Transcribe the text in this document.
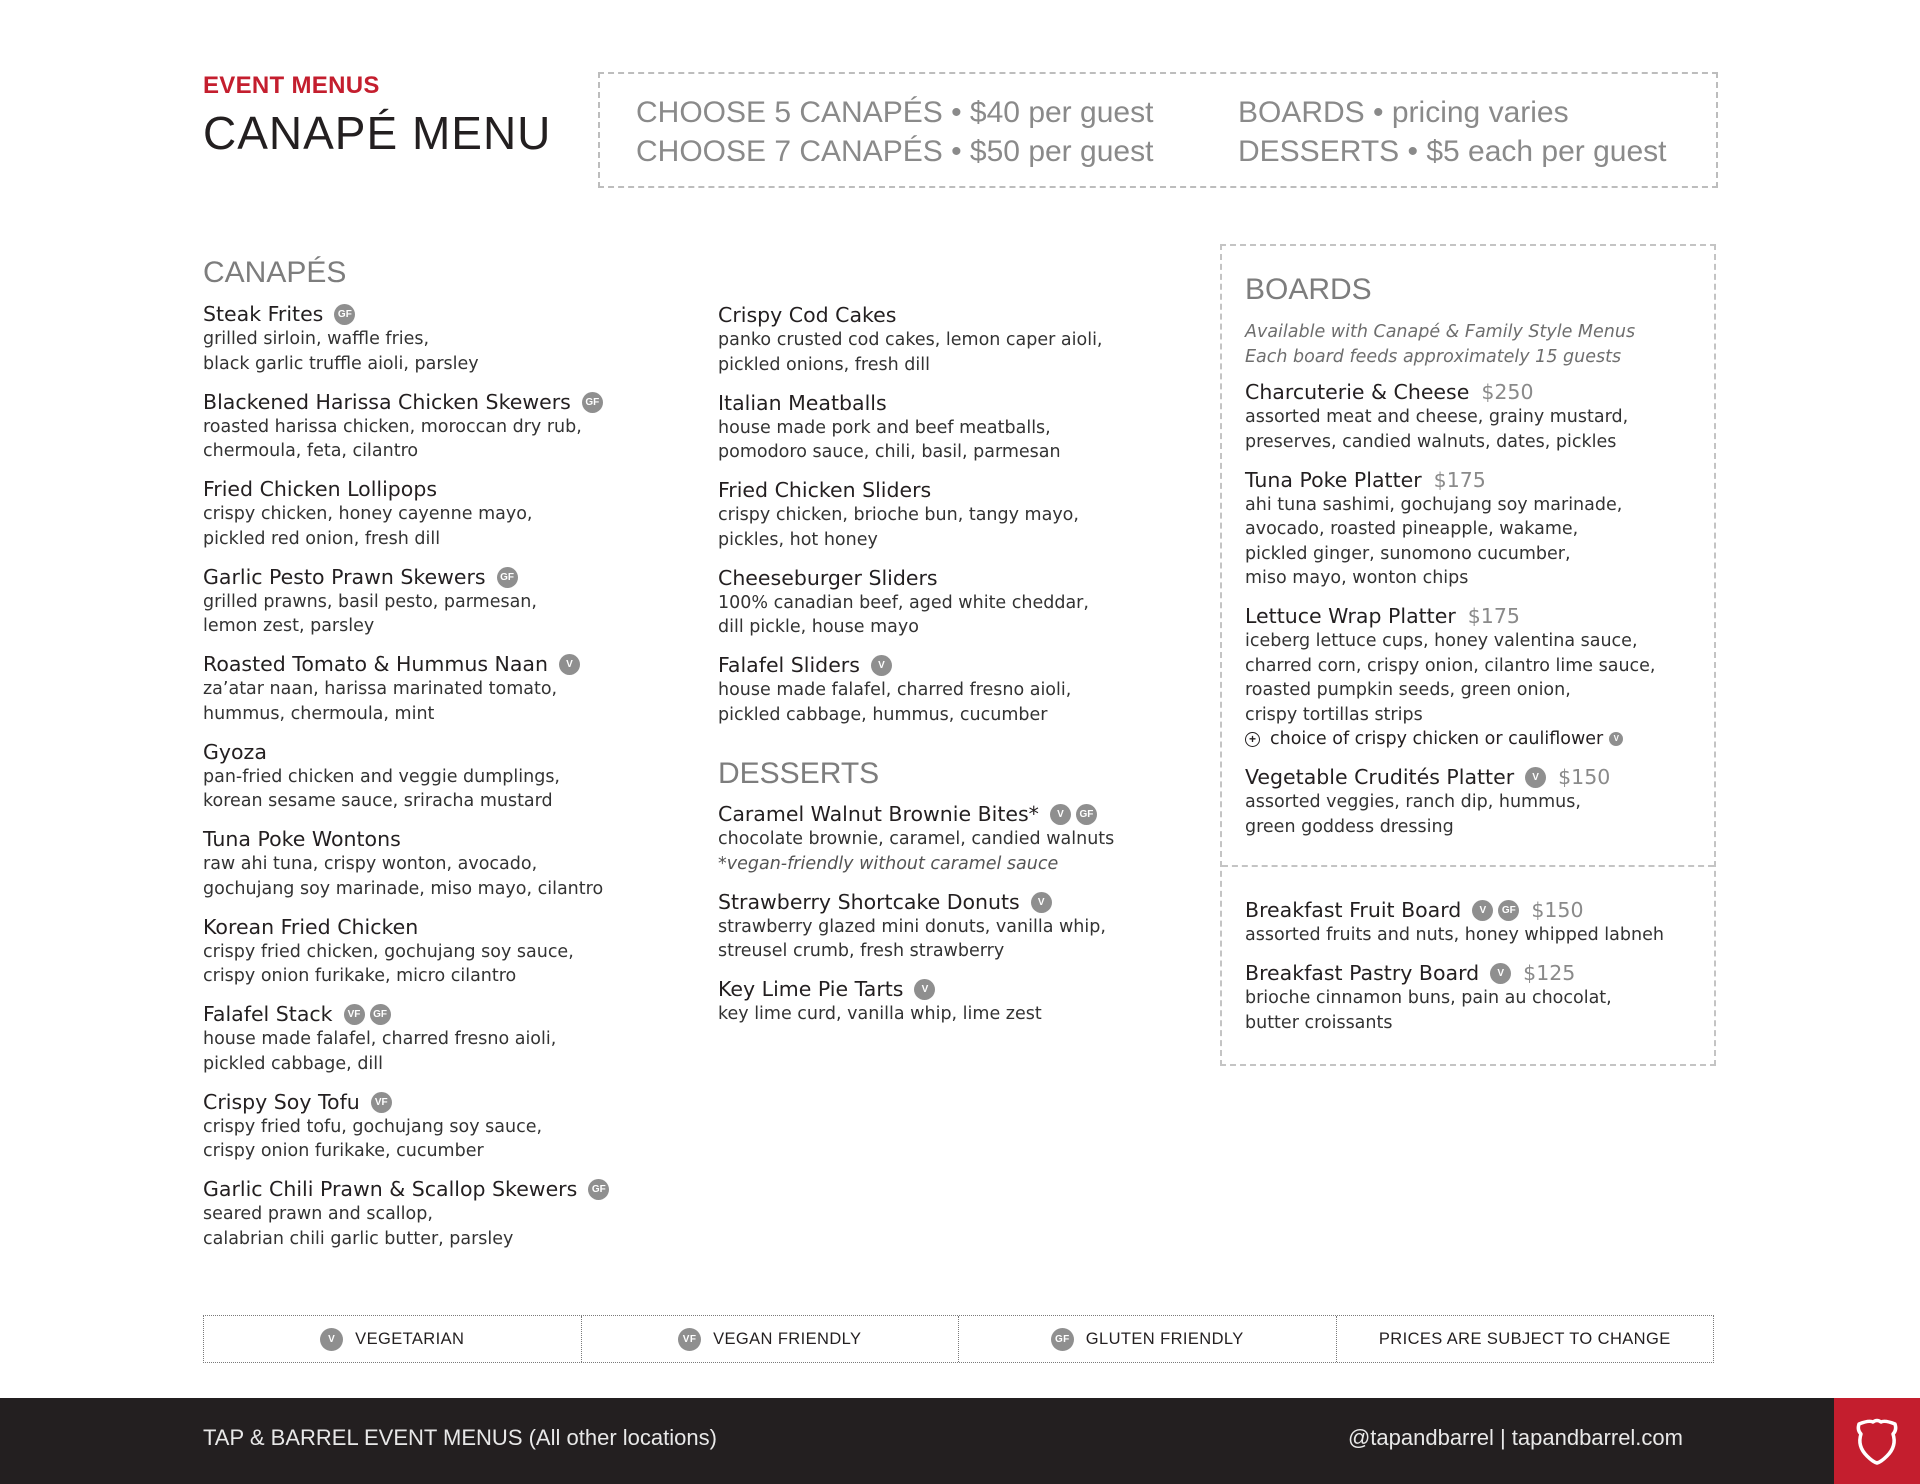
EVENT MENUS
CANAPÉ MENU	CHOOSE 5 CANAPÉS • $40 per guest
CHOOSE 7 CANAPÉS • $50 per guest
BOARDS • pricing varies
DESSERTS • $5 each per guest
CANAPÉS
Steak Frites	GF
grilled sirloin, waffle fries,
black garlic truffle aioli, parsley
Blackened Harissa Chicken Skewers	GF
roasted harissa chicken, moroccan dry rub,
chermoula, feta, cilantro
Fried Chicken Lollipops
crispy chicken, honey cayenne mayo,
pickled red onion, fresh dill
Garlic Pesto Prawn Skewers	GF
grilled prawns, basil pesto, parmesan,
lemon zest, parsley
Roasted Tomato & Hummus Naan	V
za’atar naan, harissa marinated tomato,
hummus, chermoula, mint
Gyoza
pan-fried chicken and veggie dumplings,
korean sesame sauce, sriracha mustard
Tuna Poke Wontons
raw ahi tuna, crispy wonton, avocado,
gochujang soy marinade, miso mayo, cilantro
Korean Fried Chicken
crispy fried chicken, gochujang soy sauce,
crispy onion furikake, micro cilantro
Falafel Stack	VF	GF
house made falafel, charred fresno aioli,
pickled cabbage, dill
Crispy Soy Tofu	VF
crispy fried tofu, gochujang soy sauce,
crispy onion furikake, cucumber
Garlic Chili Prawn & Scallop Skewers	GF
seared prawn and scallop,
calabrian chili garlic butter, parsley
Crispy Cod Cakes
panko crusted cod cakes, lemon caper aioli,
pickled onions, fresh dill
Italian Meatballs
house made pork and beef meatballs,
pomodoro sauce, chili, basil, parmesan
Fried Chicken Sliders
crispy chicken, brioche bun, tangy mayo,
pickles, hot honey
Cheeseburger Sliders
100% canadian beef, aged white cheddar,
dill pickle, house mayo
Falafel Sliders	V
house made falafel, charred fresno aioli,
pickled cabbage, hummus, cucumber
DESSERTS
Caramel Walnut Brownie Bites*	V	GF
chocolate brownie, caramel, candied walnuts
*vegan-friendly without caramel sauce
Strawberry Shortcake Donuts	V
strawberry glazed mini donuts, vanilla whip,
streusel crumb, fresh strawberry
Key Lime Pie Tarts	V
key lime curd, vanilla whip, lime zest
BOARDS
Available with Canapé & Family Style Menus
Each board feeds approximately 15 guests
Charcuterie & Cheese $250
assorted meat and cheese, grainy mustard,
preserves, candied walnuts, dates, pickles
Tuna Poke Platter $175
ahi tuna sashimi, gochujang soy marinade,
avocado, roasted pineapple, wakame,
pickled ginger, sunomono cucumber,
miso mayo, wonton chips
Lettuce Wrap Platter $175
iceberg lettuce cups, honey valentina sauce,
charred corn, crispy onion, cilantro lime sauce,
roasted pumpkin seeds, green onion,
crispy tortillas strips
+ choice of crispy chicken or cauliflower	V
Vegetable Crudités Platter	V $150
assorted veggies, ranch dip, hummus,
green goddess dressing
Breakfast Fruit Board	V	GF $150
assorted fruits and nuts, honey whipped labneh
Breakfast Pastry Board	V $125
brioche cinnamon buns, pain au chocolat,
butter croissants
V	VEGETARIAN	VF VEGAN FRIENDLY	GF GLUTEN FRIENDLY	PRICES ARE SUBJECT TO CHANGE
TAP & BARREL EVENT MENUS (All other locations)	@tapandbarrel | tapandbarrel.com
